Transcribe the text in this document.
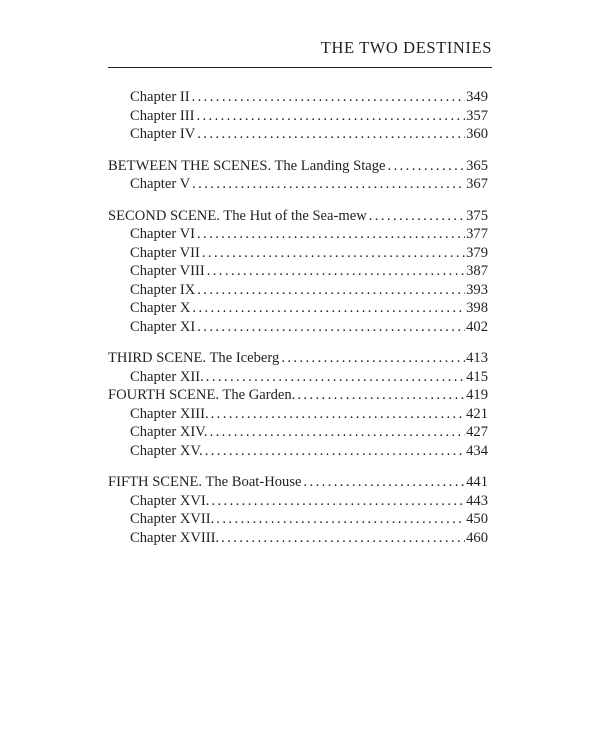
THE TWO DESTINIES
Chapter II .....	349
Chapter III .....	357
Chapter IV .....	360
BETWEEN THE SCENES. The Landing Stage .....	365
Chapter V .....	367
SECOND SCENE. The Hut of the Sea-mew .....	375
Chapter VI .....	377
Chapter VII .....	379
Chapter VIII .....	387
Chapter IX .....	393
Chapter X .....	398
Chapter XI .....	402
THIRD SCENE. The Iceberg .....	413
Chapter XII. .....	415
FOURTH SCENE. The Garden. .....	419
Chapter XIII. .....	421
Chapter XIV. .....	427
Chapter XV. .....	434
FIFTH SCENE. The Boat-House .....	441
Chapter XVI. .....	443
Chapter XVII. .....	450
Chapter XVIII. .....	460
